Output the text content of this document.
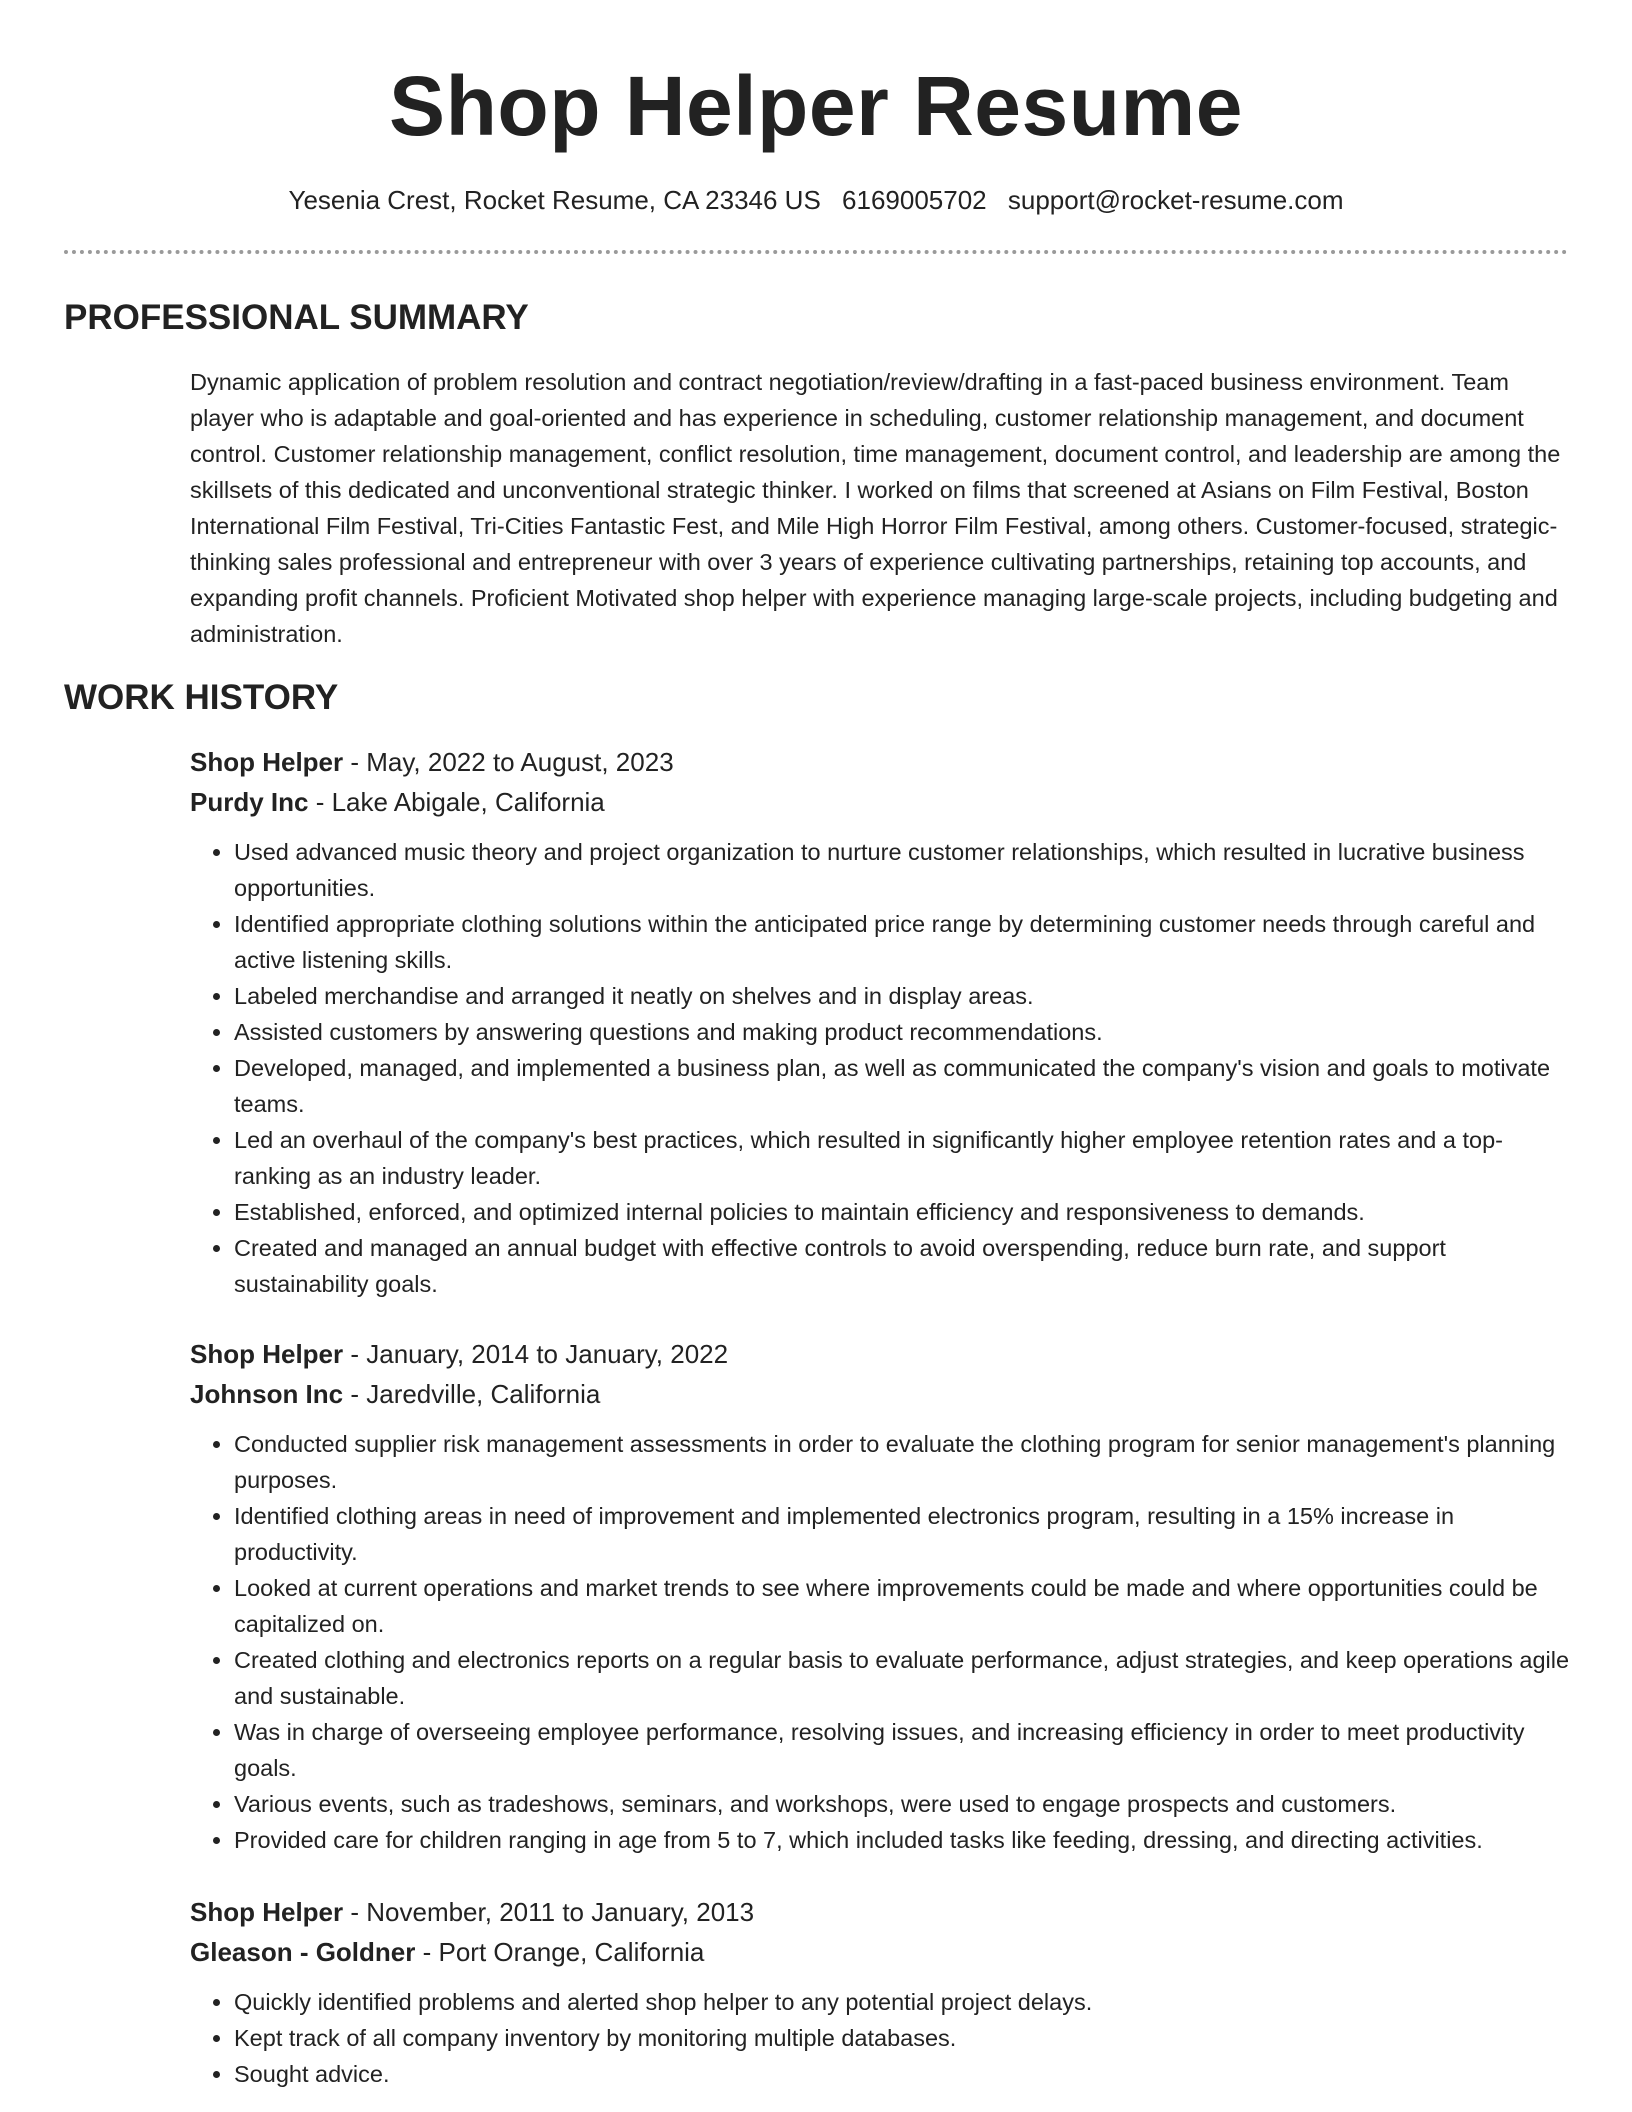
Shop Helper Resume
Yesenia Crest, Rocket Resume, CA 23346 US 6169005702 support@rocket-resume.com
PROFESSIONAL SUMMARY

Dynamic application of problem resolution and contract negotiation/review/drafting in a fast-paced business environment. Team player who is adaptable and goal-oriented and has experience in scheduling, customer relationship management, and document control. Customer relationship management, conflict resolution, time management, document control, and leadership are among the skillsets of this dedicated and unconventional strategic thinker. I worked on films that screened at Asians on Film Festival, Boston International Film Festival, Tri-Cities Fantastic Fest, and Mile High Horror Film Festival, among others. Customer-focused, strategic-thinking sales professional and entrepreneur with over 3 years of experience cultivating partnerships, retaining top accounts, and expanding profit channels. Proficient Motivated shop helper with experience managing large-scale projects, including budgeting and administration.

WORK HISTORY

Shop Helper - May, 2022 to August, 2023

Purdy Inc - Lake Abigale, California

• Used advanced music theory and project organization to nurture customer relationships, which resulted in lucrative business opportunities.
• Identified appropriate clothing solutions within the anticipated price range by determining customer needs through careful and active listening skills.
• Labeled merchandise and arranged it neatly on shelves and in display areas.
• Assisted customers by answering questions and making product recommendations.
• Developed, managed, and implemented a business plan, as well as communicated the company's vision and goals to motivate teams.
• Led an overhaul of the company's best practices, which resulted in significantly higher employee retention rates and a top-ranking as an industry leader.
• Established, enforced, and optimized internal policies to maintain efficiency and responsiveness to demands.
• Created and managed an annual budget with effective controls to avoid overspending, reduce burn rate, and support sustainability goals.

Shop Helper - January, 2014 to January, 2022

Johnson Inc - Jaredville, California

• Conducted supplier risk management assessments in order to evaluate the clothing program for senior management's planning purposes.
• Identified clothing areas in need of improvement and implemented electronics program, resulting in a 15% increase in productivity.
• Looked at current operations and market trends to see where improvements could be made and where opportunities could be capitalized on.
• Created clothing and electronics reports on a regular basis to evaluate performance, adjust strategies, and keep operations agile and sustainable.
• Was in charge of overseeing employee performance, resolving issues, and increasing efficiency in order to meet productivity goals.
• Various events, such as tradeshows, seminars, and workshops, were used to engage prospects and customers.
• Provided care for children ranging in age from 5 to 7, which included tasks like feeding, dressing, and directing activities.

Shop Helper - November, 2011 to January, 2013

Gleason - Goldner - Port Orange, California

• Quickly identified problems and alerted shop helper to any potential project delays.
• Kept track of all company inventory by monitoring multiple databases.
• Sought advice.
